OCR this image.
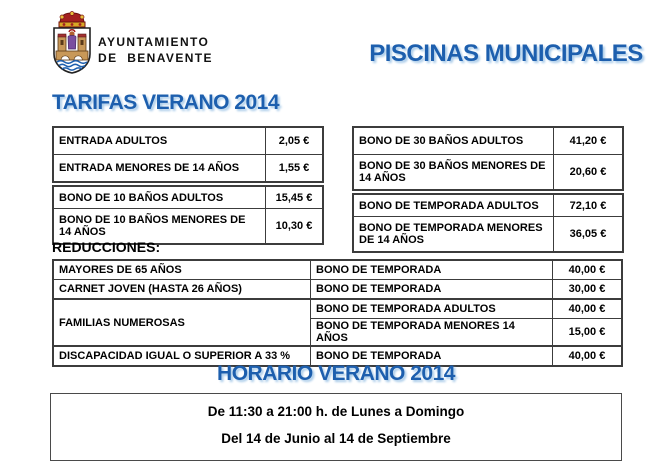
AYUNTAMIENTO
DE BENAVENTE	PISCINAS MUNICIPALES
TARIFAS VERANO 2014
ENTRADA ADULTOS	2,05 €
ENTRADA MENORES DE 14 AÑOS	1,55 €
BONO DE 10 BAÑOS ADULTOS	15,45 €
BONO DE 10 BAÑOS MENORES DE 14 AÑOS	10,30 €
BONO DE 30 BAÑOS ADULTOS	41,20 €
BONO DE 30 BAÑOS MENORES DE 14 AÑOS	20,60 €
BONO DE TEMPORADA ADULTOS	72,10 €
BONO DE TEMPORADA MENORES DE 14 AÑOS	36,05 €
REDUCCIONES:
MAYORES DE 65 AÑOS	BONO DE TEMPORADA	40,00 €
CARNET JOVEN (HASTA 26 AÑOS)	BONO DE TEMPORADA	30,00 €
FAMILIAS NUMEROSAS	BONO DE TEMPORADA ADULTOS	40,00 €
	BONO DE TEMPORADA MENORES 14 AÑOS	15,00 €
DISCAPACIDAD IGUAL O SUPERIOR A 33 %	BONO DE TEMPORADA	40,00 €
HORARIO VERANO 2014
De 11:30 a 21:00 h. de Lunes a Domingo
Del 14 de Junio al 14 de Septiembre
